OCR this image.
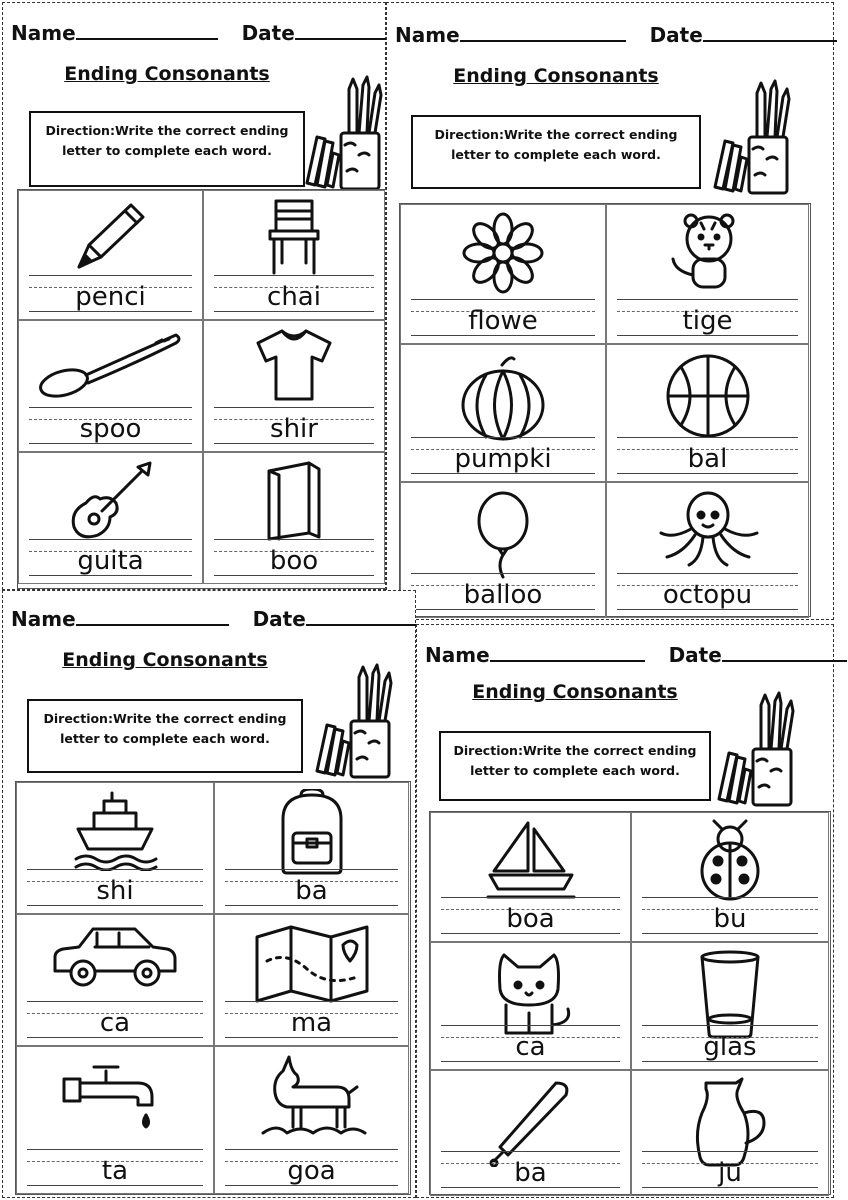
Name	Date
Ending Consonants
Direction:Write the correct ending
letter to complete each word.
penci	chai
spoo	shir
guita	boo
Name	Date
Ending Consonants
Direction:Write the correct ending
letter to complete each word.
flowe	tige
pumpki	bal
balloo	octopu
Name	Date
Ending Consonants
Direction:Write the correct ending
letter to complete each word.
shi	ba
ca	ma
ta	goa
Name	Date
Ending Consonants
Direction:Write the correct ending
letter to complete each word.
boa	bu
ca	glas
ba	ju
